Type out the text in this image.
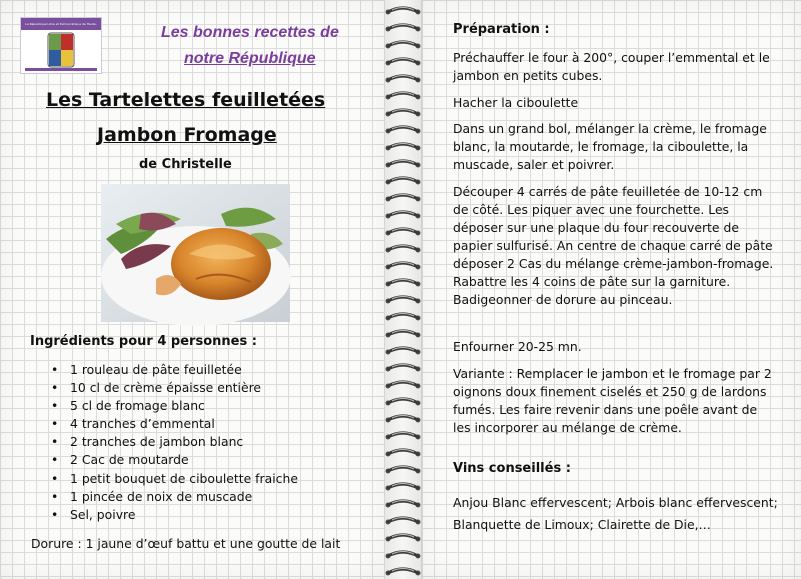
La République Libre et Démocratique de Haute-	Les bonnes recettes de
notre République
Les Tartelettes feuilletées
Jambon Fromage
de Christelle
Ingrédients pour 4 personnes :
• 1 rouleau de pâte feuilletée
• 10 cl de crème épaisse entière
• 5 cl de fromage blanc
• 4 tranches d’emmental
• 2 tranches de jambon blanc
• 2 Cac de moutarde
• 1 petit bouquet de ciboulette fraiche
• 1 pincée de noix de muscade
• Sel, poivre
Dorure : 1 jaune d’œuf battu et une goutte de lait
Préparation :
Préchauffer le four à 200°, couper l’emmental et le jambon en petits cubes.
Hacher la ciboulette
Dans un grand bol, mélanger la crème, le fromage blanc, la moutarde, le fromage, la ciboulette, la muscade, saler et poivrer.
Découper 4 carrés de pâte feuilletée de 10-12 cm de côté. Les piquer avec une fourchette. Les déposer sur une plaque du four recouverte de papier sulfurisé. An centre de chaque carré de pâte déposer 2 Cas du mélange crème-jambon-fromage. Rabattre les 4 coins de pâte sur la garniture. Badigeonner de dorure au pinceau.
Enfourner 20-25 mn.
Variante : Remplacer le jambon et le fromage par 2 oignons doux finement ciselés et 250 g de lardons fumés. Les faire revenir dans une poêle avant de les incorporer au mélange de crème.
Vins conseillés :
Anjou Blanc effervescent; Arbois blanc effervescent; Blanquette de Limoux; Clairette de Die,…
